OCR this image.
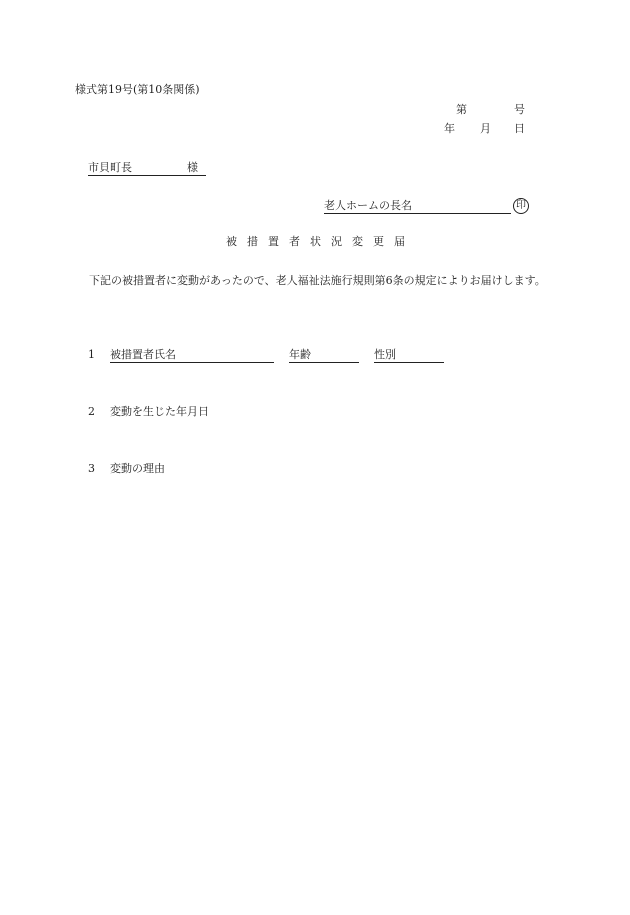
様式第19号(第10条関係)
第	号
年 月 日
市貝町長	様
老人ホームの長名	印
被 措 置 者 状 況 変 更 届
下記の被措置者に変動があったので、老人福祉法施行規則第6条の規定によりお届けします。
1 被措置者氏名	年齢	性別
2 変動を生じた年月日
3 変動の理由
